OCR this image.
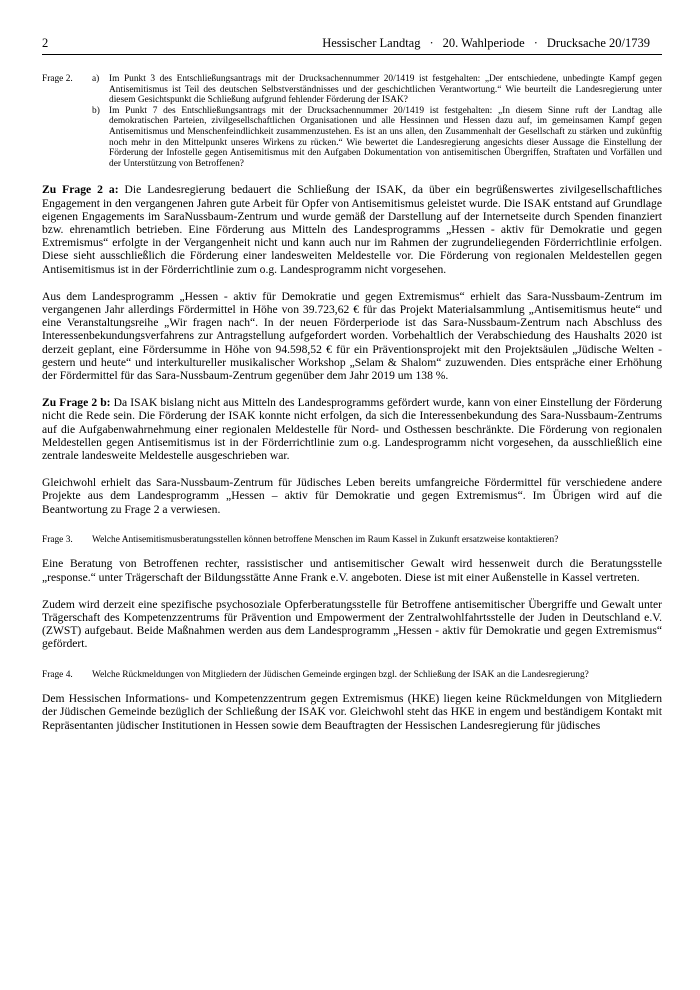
2	Hessischer Landtag · 20. Wahlperiode · Drucksache 20/1739
Frage 2.	a)	Im Punkt 3 des Entschließungsantrags mit der Drucksachennummer 20/1419 ist festgehalten: „Der entschiedene, unbedingte Kampf gegen Antisemitismus ist Teil des deutschen Selbstverständnisses und der geschichtlichen Verantwortung.“ Wie beurteilt die Landesregierung unter diesem Gesichtspunkt die Schließung aufgrund fehlender Förderung der ISAK?
b) Im Punkt 7 des Entschließungsantrags mit der Drucksachennummer 20/1419 ist festgehalten: „In diesem Sinne ruft der Landtag alle demokratischen Parteien, zivilgesellschaftlichen Organisationen und alle Hessinnen und Hessen dazu auf, im gemeinsamen Kampf gegen Antisemitismus und Menschenfeindlichkeit zusammenzustehen. Es ist an uns allen, den Zusammenhalt der Gesellschaft zu stärken und zukünftig noch mehr in den Mittelpunkt unseres Wirkens zu rücken.“ Wie bewertet die Landesregierung angesichts dieser Aussage die Einstellung der Förderung der Infostelle gegen Antisemitismus mit den Aufgaben Dokumentation von antisemitischen Übergriffen, Straftaten und Vorfällen und der Unterstützung von Betroffenen?

Zu Frage 2 a: Die Landesregierung bedauert die Schließung der ISAK, da über ein begrüßenswertes zivilgesellschaftliches Engagement in den vergangenen Jahren gute Arbeit für Opfer von Antisemitismus geleistet wurde. Die ISAK entstand auf Grundlage eigenen Engagements im SaraNussbaum-Zentrum und wurde gemäß der Darstellung auf der Internetseite durch Spenden finanziert bzw. ehrenamtlich betrieben. Eine Förderung aus Mitteln des Landesprogramms „Hessen - aktiv für Demokratie und gegen Extremismus“ erfolgte in der Vergangenheit nicht und kann auch nur im Rahmen der zugrundeliegenden Förderrichtlinie erfolgen. Diese sieht ausschließlich die Förderung einer landesweiten Meldestelle vor. Die Förderung von regionalen Meldestellen gegen Antisemitismus ist in der Förderrichtlinie zum o.g. Landesprogramm nicht vorgesehen.

Aus dem Landesprogramm „Hessen - aktiv für Demokratie und gegen Extremismus“ erhielt das Sara-Nussbaum-Zentrum im vergangenen Jahr allerdings Fördermittel in Höhe von 39.723,62 € für das Projekt Materialsammlung „Antisemitismus heute“ und eine Veranstaltungsreihe „Wir fragen nach“. In der neuen Förderperiode ist das Sara-Nussbaum-Zentrum nach Abschluss des Interessenbekundungsverfahrens zur Antragstellung aufgefordert worden. Vorbehaltlich der Verabschiedung des Haushalts 2020 ist derzeit geplant, eine Fördersumme in Höhe von 94.598,52 € für ein Präventionsprojekt mit den Projektsäulen „Jüdische Welten - gestern und heute“ und interkultureller musikalischer Workshop „Selam & Shalom“ zuzuwenden. Dies entspräche einer Erhöhung der Fördermittel für das Sara-Nussbaum-Zentrum gegenüber dem Jahr 2019 um 138 %.

Zu Frage 2 b: Da ISAK bislang nicht aus Mitteln des Landesprogramms gefördert wurde, kann von einer Einstellung der Förderung nicht die Rede sein. Die Förderung der ISAK konnte nicht erfolgen, da sich die Interessenbekundung des Sara-Nussbaum-Zentrums auf die Aufgabenwahrnehmung einer regionalen Meldestelle für Nord- und Osthessen beschränkte. Die Förderung von regionalen Meldestellen gegen Antisemitismus ist in der Förderrichtlinie zum o.g. Landesprogramm nicht vorgesehen, da ausschließlich eine zentrale landesweite Meldestelle ausgeschrieben war.

Gleichwohl erhielt das Sara-Nussbaum-Zentrum für Jüdisches Leben bereits umfangreiche Fördermittel für verschiedene andere Projekte aus dem Landesprogramm „Hessen – aktiv für Demokratie und gegen Extremismus“. Im Übrigen wird auf die Beantwortung zu Frage 2 a verwiesen.

Frage 3.	Welche Antisemitismusberatungsstellen können betroffene Menschen im Raum Kassel in Zukunft ersatzweise kontaktieren?

Eine Beratung von Betroffenen rechter, rassistischer und antisemitischer Gewalt wird hessenweit durch die Beratungsstelle „response.“ unter Trägerschaft der Bildungsstätte Anne Frank e.V. angeboten. Diese ist mit einer Außenstelle in Kassel vertreten.

Zudem wird derzeit eine spezifische psychosoziale Opferberatungsstelle für Betroffene antisemitischer Übergriffe und Gewalt unter Trägerschaft des Kompetenzzentrums für Prävention und Empowerment der Zentralwohlfahrtsstelle der Juden in Deutschland e.V. (ZWST) aufgebaut. Beide Maßnahmen werden aus dem Landesprogramm „Hessen - aktiv für Demokratie und gegen Extremismus“ gefördert.

Frage 4.	Welche Rückmeldungen von Mitgliedern der Jüdischen Gemeinde ergingen bzgl. der Schließung der ISAK an die Landesregierung?

Dem Hessischen Informations- und Kompetenzzentrum gegen Extremismus (HKE) liegen keine Rückmeldungen von Mitgliedern der Jüdischen Gemeinde bezüglich der Schließung der ISAK vor. Gleichwohl steht das HKE in engem und beständigem Kontakt mit Repräsentanten jüdischer Institutionen in Hessen sowie dem Beauftragten der Hessischen Landesregierung für jüdisches
